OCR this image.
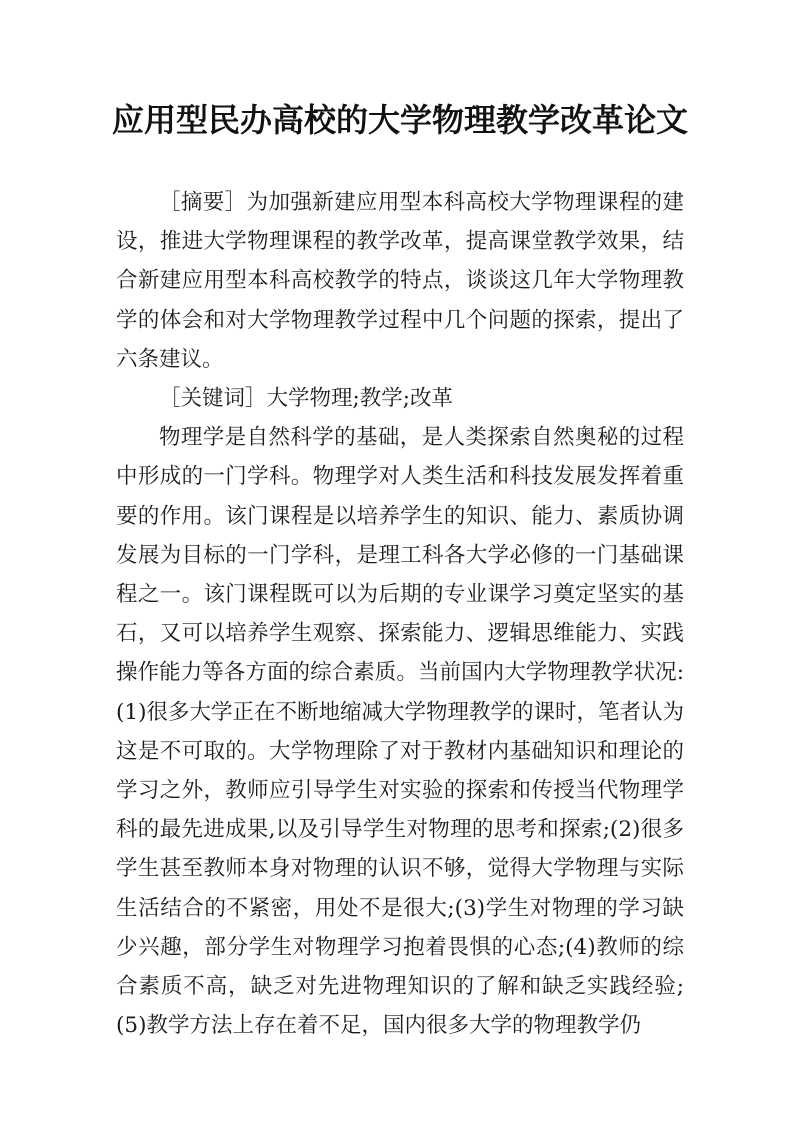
应用型民办高校的大学物理教学改革论文

［摘要］为加强新建应用型本科高校大学物理课程的建设，推进大学物理课程的教学改革，提高课堂教学效果，结合新建应用型本科高校教学的特点，谈谈这几年大学物理教学的体会和对大学物理教学过程中几个问题的探索，提出了六条建议。

［关键词］大学物理;教学;改革

物理学是自然科学的基础，是人类探索自然奥秘的过程中形成的一门学科。物理学对人类生活和科技发展发挥着重要的作用。该门课程是以培养学生的知识、能力、素质协调发展为目标的一门学科，是理工科各大学必修的一门基础课程之一。该门课程既可以为后期的专业课学习奠定坚实的基石，又可以培养学生观察、探索能力、逻辑思维能力、实践操作能力等各方面的综合素质。当前国内大学物理教学状况:(1)很多大学正在不断地缩减大学物理教学的课时，笔者认为这是不可取的。大学物理除了对于教材内基础知识和理论的学习之外，教师应引导学生对实验的探索和传授当代物理学科的最先进成果,以及引导学生对物理的思考和探索;(2)很多学生甚至教师本身对物理的认识不够，觉得大学物理与实际生活结合的不紧密，用处不是很大;(3)学生对物理的学习缺少兴趣，部分学生对物理学习抱着畏惧的心态;(4)教师的综合素质不高，缺乏对先进物理知识的了解和缺乏实践经验;(5)教学方法上存在着不足，国内很多大学的物理教学仍
